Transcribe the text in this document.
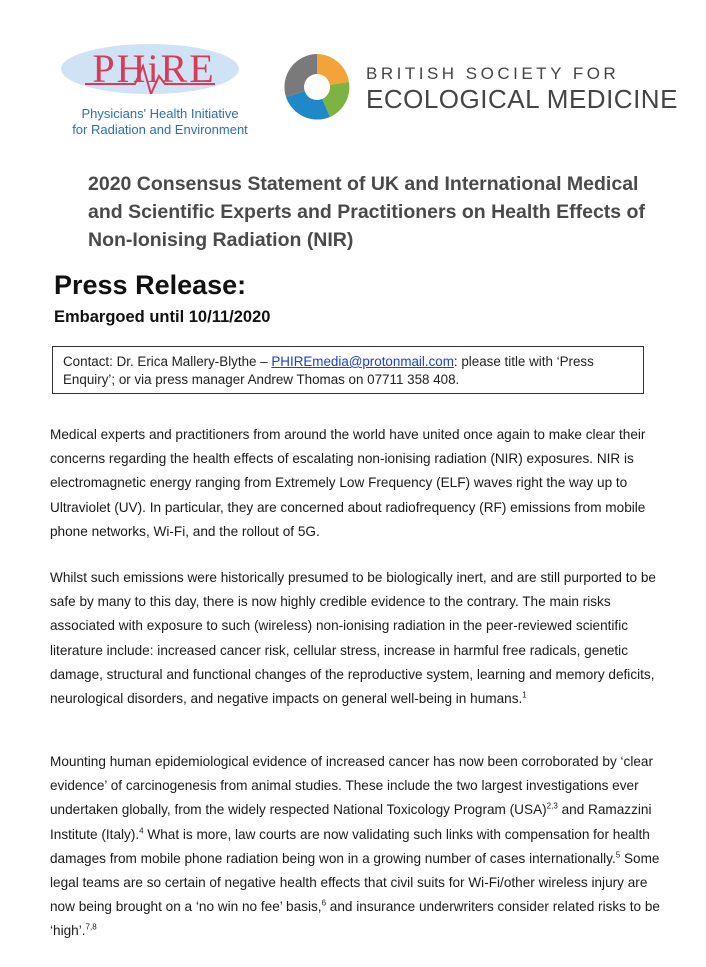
PHiRE
Physicians' Health Initiative
for Radiation and Environment
BRITISH SOCIETY FOR
ECOLOGICAL MEDICINE
2020 Consensus Statement of UK and International Medical and Scientific Experts and Practitioners on Health Effects of Non-Ionising Radiation (NIR)
Press Release:
Embargoed until 10/11/2020
Contact: Dr. Erica Mallery-Blythe – PHIREmedia@protonmail.com: please title with ‘Press Enquiry’; or via press manager Andrew Thomas on 07711 358 408.

Medical experts and practitioners from around the world have united once again to make clear their concerns regarding the health effects of escalating non-ionising radiation (NIR) exposures. NIR is electromagnetic energy ranging from Extremely Low Frequency (ELF) waves right the way up to Ultraviolet (UV). In particular, they are concerned about radiofrequency (RF) emissions from mobile phone networks, Wi-Fi, and the rollout of 5G.

Whilst such emissions were historically presumed to be biologically inert, and are still purported to be safe by many to this day, there is now highly credible evidence to the contrary. The main risks associated with exposure to such (wireless) non-ionising radiation in the peer-reviewed scientific literature include: increased cancer risk, cellular stress, increase in harmful free radicals, genetic damage, structural and functional changes of the reproductive system, learning and memory deficits, neurological disorders, and negative impacts on general well-being in humans.$^1$

Mounting human epidemiological evidence of increased cancer has now been corroborated by ‘clear evidence’ of carcinogenesis from animal studies. These include the two largest investigations ever undertaken globally, from the widely respected National Toxicology Program (USA)$^{2,3}$ and Ramazzini Institute (Italy).$^4$ What is more, law courts are now validating such links with compensation for health damages from mobile phone radiation being won in a growing number of cases internationally.$^5$ Some legal teams are so certain of negative health effects that civil suits for Wi-Fi/other wireless injury are now being brought on a ‘no win no fee’ basis,$^6$ and insurance underwriters consider related risks to be ‘high’.$^{7,8}$
